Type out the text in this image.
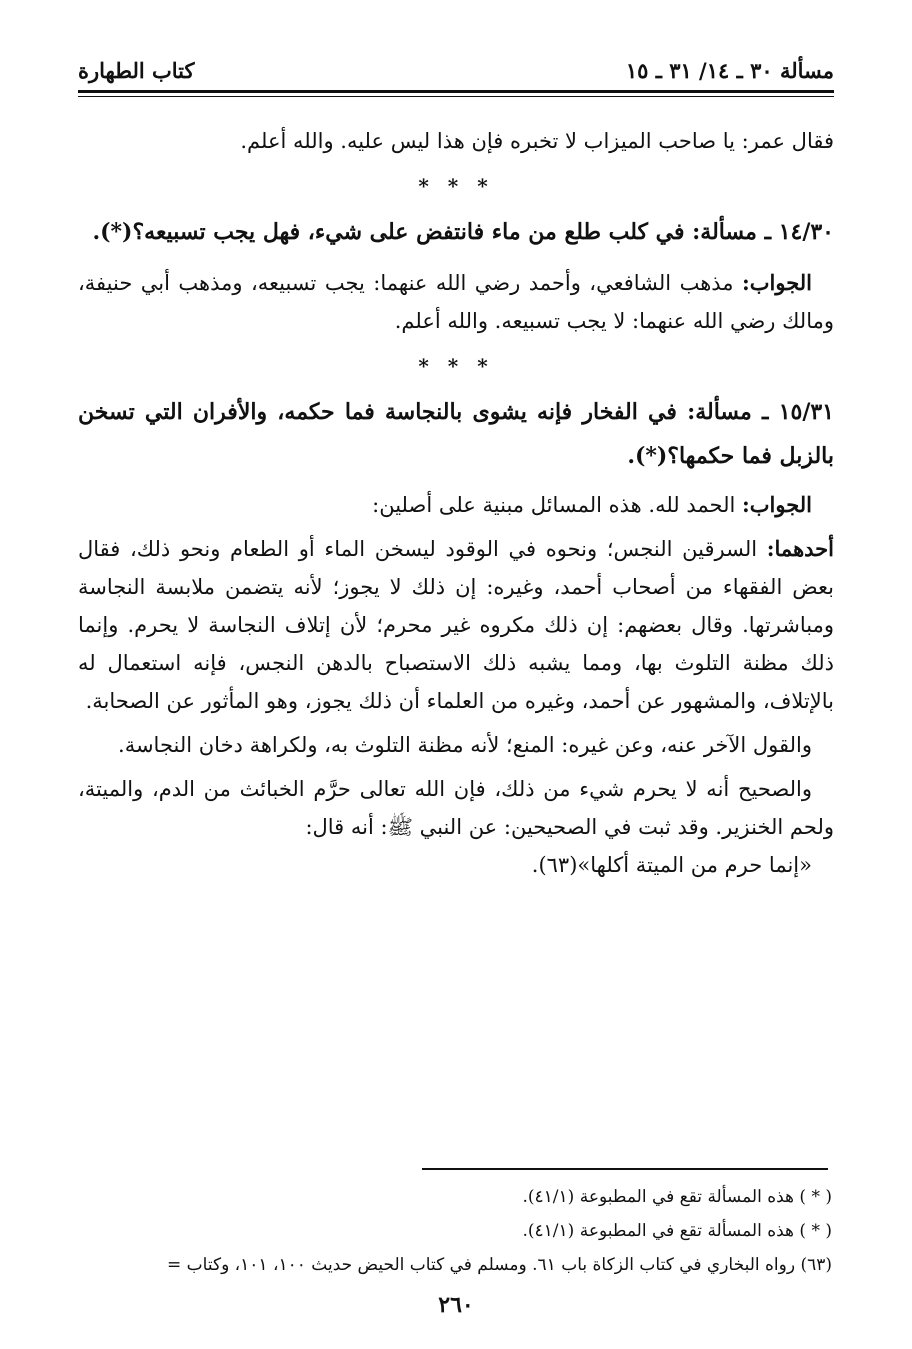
مسألة ٣٠ ـ ١٤/ ٣١ ـ ١٥
كتاب الطهارة

فقال عمر: يا صاحب الميزاب لا تخبره فإن هذا ليس عليه. والله أعلم.

* * *

١٤/٣٠ ـ مسألة: في كلب طلع من ماء فانتفض على شيء، فهل يجب تسبيعه؟(*).

الجواب: مذهب الشافعي، وأحمد رضي الله عنهما: يجب تسبيعه، ومذهب أبي حنيفة، ومالك رضي الله عنهما: لا يجب تسبيعه. والله أعلم.

* * *

١٥/٣١ ـ مسألة: في الفخار فإنه يشوى بالنجاسة فما حكمه، والأفران التي تسخن بالزبل فما حكمها؟(*).

الجواب: الحمد لله. هذه المسائل مبنية على أصلين:

أحدهما: السرقين النجس؛ ونحوه في الوقود ليسخن الماء أو الطعام ونحو ذلك، فقال بعض الفقهاء من أصحاب أحمد، وغيره: إن ذلك لا يجوز؛ لأنه يتضمن ملابسة النجاسة ومباشرتها. وقال بعضهم: إن ذلك مكروه غير محرم؛ لأن إتلاف النجاسة لا يحرم. وإنما ذلك مظنة التلوث بها، ومما يشبه ذلك الاستصباح بالدهن النجس، فإنه استعمال له بالإتلاف، والمشهور عن أحمد، وغيره من العلماء أن ذلك يجوز، وهو المأثور عن الصحابة.

والقول الآخر عنه، وعن غيره: المنع؛ لأنه مظنة التلوث به، ولكراهة دخان النجاسة.

والصحيح أنه لا يحرم شيء من ذلك، فإن الله تعالى حرَّم الخبائث من الدم، والميتة، ولحم الخنزير. وقد ثبت في الصحيحين: عن النبي ﷺ: أنه قال:

«إنما حرم من الميتة أكلها»(٦٣).

( * ) هذه المسألة تقع في المطبوعة (٤١/١).

( * ) هذه المسألة تقع في المطبوعة (٤١/١).

(٦٣) رواه البخاري في كتاب الزكاة باب ٦١. ومسلم في كتاب الحيض حديث ١٠٠، ١٠١، وكتاب =

٢٦٠
